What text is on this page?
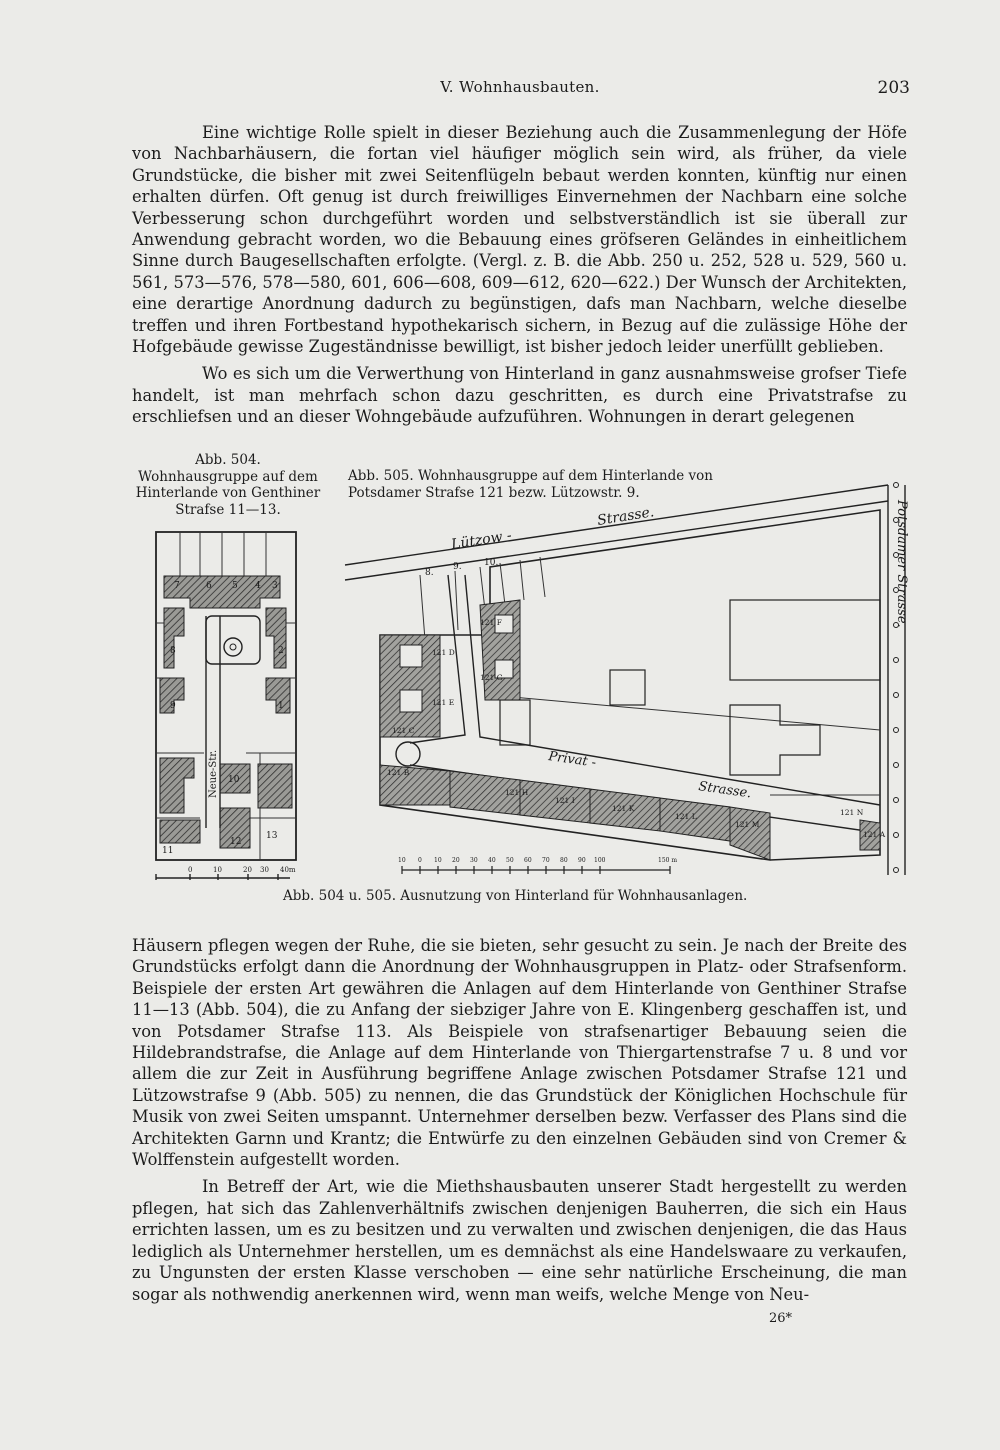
V. Wohnhausbauten.	203

Eine wichtige Rolle spielt in dieser Beziehung auch die Zusammenlegung der Höfe von Nachbarhäusern, die fortan viel häufiger möglich sein wird, als früher, da viele Grundstücke, die bisher mit zwei Seitenflügeln bebaut werden konnten, künftig nur einen erhalten dürfen. Oft genug ist durch freiwilliges Einvernehmen der Nachbarn eine solche Verbesserung schon durchgeführt worden und selbstverständlich ist sie überall zur Anwendung gebracht worden, wo die Bebauung eines gröfseren Geländes in einheitlichem Sinne durch Baugesellschaften erfolgte. (Vergl. z. B. die Abb. 250 u. 252, 528 u. 529, 560 u. 561, 573—576, 578—580, 601, 606—608, 609—612, 620—622.) Der Wunsch der Architekten, eine derartige Anordnung dadurch zu begünstigen, dafs man Nachbarn, welche dieselbe treffen und ihren Fortbestand hypothekarisch sichern, in Bezug auf die zulässige Höhe der Hofgebäude gewisse Zugeständnisse bewilligt, ist bisher jedoch leider unerfüllt geblieben.

Wo es sich um die Verwerthung von Hinterland in ganz ausnahmsweise grofser Tiefe handelt, ist man mehrfach schon dazu geschritten, es durch eine Privatstrafse zu erschliefsen und an dieser Wohngebäude aufzuführen. Wohnungen in derart gelegenen

Abb. 504.
Wohnhausgruppe auf dem Hinterlande von Genthiner Strafse 11—13.
Abb. 505. Wohnhausgruppe auf dem Hinterlande von Potsdamer Strafse 121 bezw. Lützowstr. 9.
Neue-Str.
7	6 5 4 3
8	2
9	1
10
11
12
13
0	10	20 30 40m
Lützow -
Strasse.	Potsdamer Strasse.
Privat -
Strasse.
8.
9. 10.
121 B
121 C
121 D
121 E
121 F
121 G
121 H
121 I
121 K
121 L
121 M
121 N
121 A
10 0 10 20 30 40 50 60 70 80 90 100	150 m
Abb. 504 u. 505. Ausnutzung von Hinterland für Wohnhausanlagen.

Häusern pflegen wegen der Ruhe, die sie bieten, sehr gesucht zu sein. Je nach der Breite des Grundstücks erfolgt dann die Anordnung der Wohnhausgruppen in Platz- oder Strafsenform. Beispiele der ersten Art gewähren die Anlagen auf dem Hinterlande von Genthiner Strafse 11—13 (Abb. 504), die zu Anfang der siebziger Jahre von E. Klingenberg geschaffen ist, und von Potsdamer Strafse 113. Als Beispiele von strafsenartiger Bebauung seien die Hildebrandstrafse, die Anlage auf dem Hinterlande von Thiergartenstrafse 7 u. 8 und vor allem die zur Zeit in Ausführung begriffene Anlage zwischen Potsdamer Strafse 121 und Lützowstrafse 9 (Abb. 505) zu nennen, die das Grundstück der Königlichen Hochschule für Musik von zwei Seiten umspannt. Unternehmer derselben bezw. Verfasser des Plans sind die Architekten Garnn und Krantz; die Entwürfe zu den einzelnen Gebäuden sind von Cremer & Wolffenstein aufgestellt worden.

In Betreff der Art, wie die Miethshausbauten unserer Stadt hergestellt zu werden pflegen, hat sich das Zahlenverhältnifs zwischen denjenigen Bauherren, die sich ein Haus errichten lassen, um es zu besitzen und zu verwalten und zwischen denjenigen, die das Haus lediglich als Unternehmer herstellen, um es demnächst als eine Handelswaare zu verkaufen, zu Ungunsten der ersten Klasse verschoben — eine sehr natürliche Erscheinung, die man sogar als nothwendig anerkennen wird, wenn man weifs, welche Menge von Neu-

26*
